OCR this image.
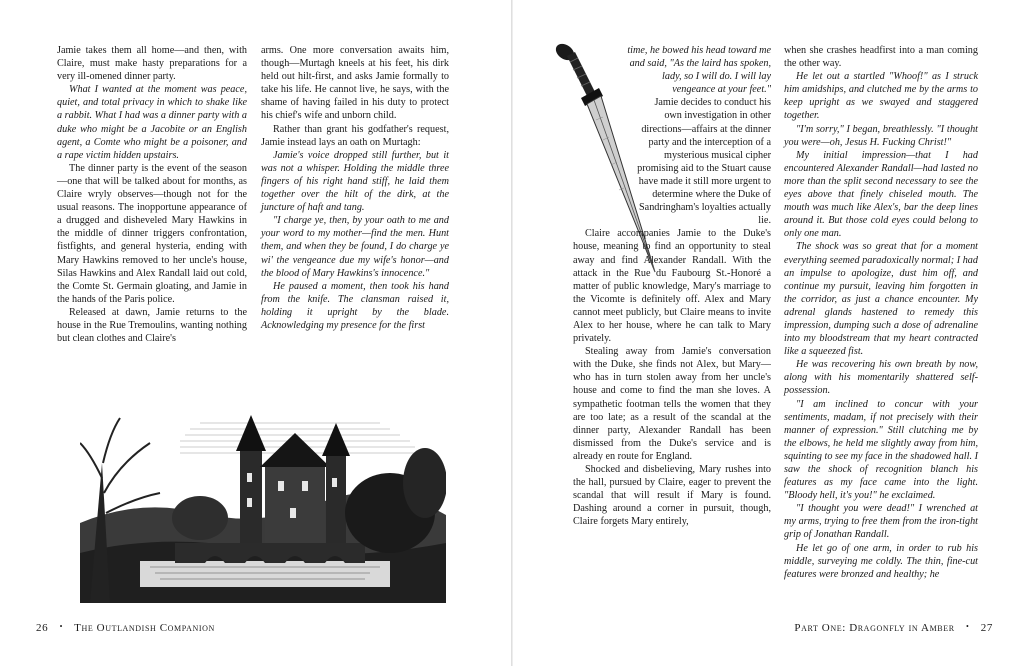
Jamie takes them all home—and then, with Claire, must make hasty preparations for a very ill-omened dinner party.

What I wanted at the moment was peace, quiet, and total privacy in which to shake like a rabbit. What I had was a dinner party with a duke who might be a Jacobite or an English agent, a Comte who might be a poisoner, and a rape victim hidden upstairs.

The dinner party is the event of the season—one that will be talked about for months, as Claire wryly observes—though not for the usual reasons. The inopportune appearance of a drugged and disheveled Mary Hawkins in the middle of dinner triggers confrontation, fistfights, and general hysteria, ending with Mary Hawkins removed to her uncle's house, Silas Hawkins and Alex Randall laid out cold, the Comte St. Germain gloating, and Jamie in the hands of the Paris police.

Released at dawn, Jamie returns to the house in the Rue Tremoulins, wanting nothing but clean clothes and Claire's

arms. One more conversation awaits him, though—Murtagh kneels at his feet, his dirk held out hilt-first, and asks Jamie formally to take his life. He cannot live, he says, with the shame of having failed in his duty to protect his chief's wife and unborn child.

Rather than grant his godfather's request, Jamie instead lays an oath on Murtagh:

Jamie's voice dropped still further, but it was not a whisper. Holding the middle three fingers of his right hand stiff, he laid them together over the hilt of the dirk, at the juncture of haft and tang.

"I charge ye, then, by your oath to me and your word to my mother—find the men. Hunt them, and when they be found, I do charge ye wi' the vengeance due my wife's honor—and the blood of Mary Hawkins's innocence."

He paused a moment, then took his hand from the knife. The clansman raised it, holding it upright by the blade. Acknowledging my presence for the first

time, he bowed his head toward me and said, "As the laird has spoken, lady, so I will do. I will lay vengeance at your feet."

Jamie decides to conduct his own investigation in other directions—affairs at the dinner party and the interception of a mysterious musical cipher promising aid to the Stuart cause have made it still more urgent to determine where the Duke of Sandringham's loyalties actually lie.

Claire accompanies Jamie to the Duke's house, meaning to find an opportunity to steal away and find Alexander Randall. With the attack in the Rue du Faubourg St.-Honoré a matter of public knowledge, Mary's marriage to the Vicomte is definitely off. Alex and Mary cannot meet publicly, but Claire means to invite Alex to her house, where he can talk to Mary privately.

Stealing away from Jamie's conversation with the Duke, she finds not Alex, but Mary—who has in turn stolen away from her uncle's house and come to find the man she loves. A sympathetic footman tells the women that they are too late; as a result of the scandal at the dinner party, Alexander Randall has been dismissed from the Duke's service and is already en route for England.

Shocked and disbelieving, Mary rushes into the hall, pursued by Claire, eager to prevent the scandal that will result if Mary is found. Dashing around a corner in pursuit, though, Claire forgets Mary entirely,

when she crashes headfirst into a man coming the other way.

He let out a startled "Whoof!" as I struck him amidships, and clutched me by the arms to keep upright as we swayed and staggered together.

"I'm sorry," I began, breathlessly. "I thought you were—oh, Jesus H. Fucking Christ!"

My initial impression—that I had encountered Alexander Randall—had lasted no more than the split second necessary to see the eyes above that finely chiseled mouth. The mouth was much like Alex's, bar the deep lines around it. But those cold eyes could belong to only one man.

The shock was so great that for a moment everything seemed paradoxically normal; I had an impulse to apologize, dust him off, and continue my pursuit, leaving him forgotten in the corridor, as just a chance encounter. My adrenal glands hastened to remedy this impression, dumping such a dose of adrenaline into my bloodstream that my heart contracted like a squeezed fist.

He was recovering his own breath by now, along with his momentarily shattered self-possession.

"I am inclined to concur with your sentiments, madam, if not precisely with their manner of expression." Still clutching me by the elbows, he held me slightly away from him, squinting to see my face in the shadowed hall. I saw the shock of recognition blanch his features as my face came into the light. "Bloody hell, it's you!" he exclaimed.

"I thought you were dead!" I wrenched at my arms, trying to free them from the iron-tight grip of Jonathan Randall.

He let go of one arm, in order to rub his middle, surveying me coldly. The thin, fine-cut features were bronzed and healthy; he

26 • The Outlandish Companion	Part One: Dragonfly in Amber • 27
